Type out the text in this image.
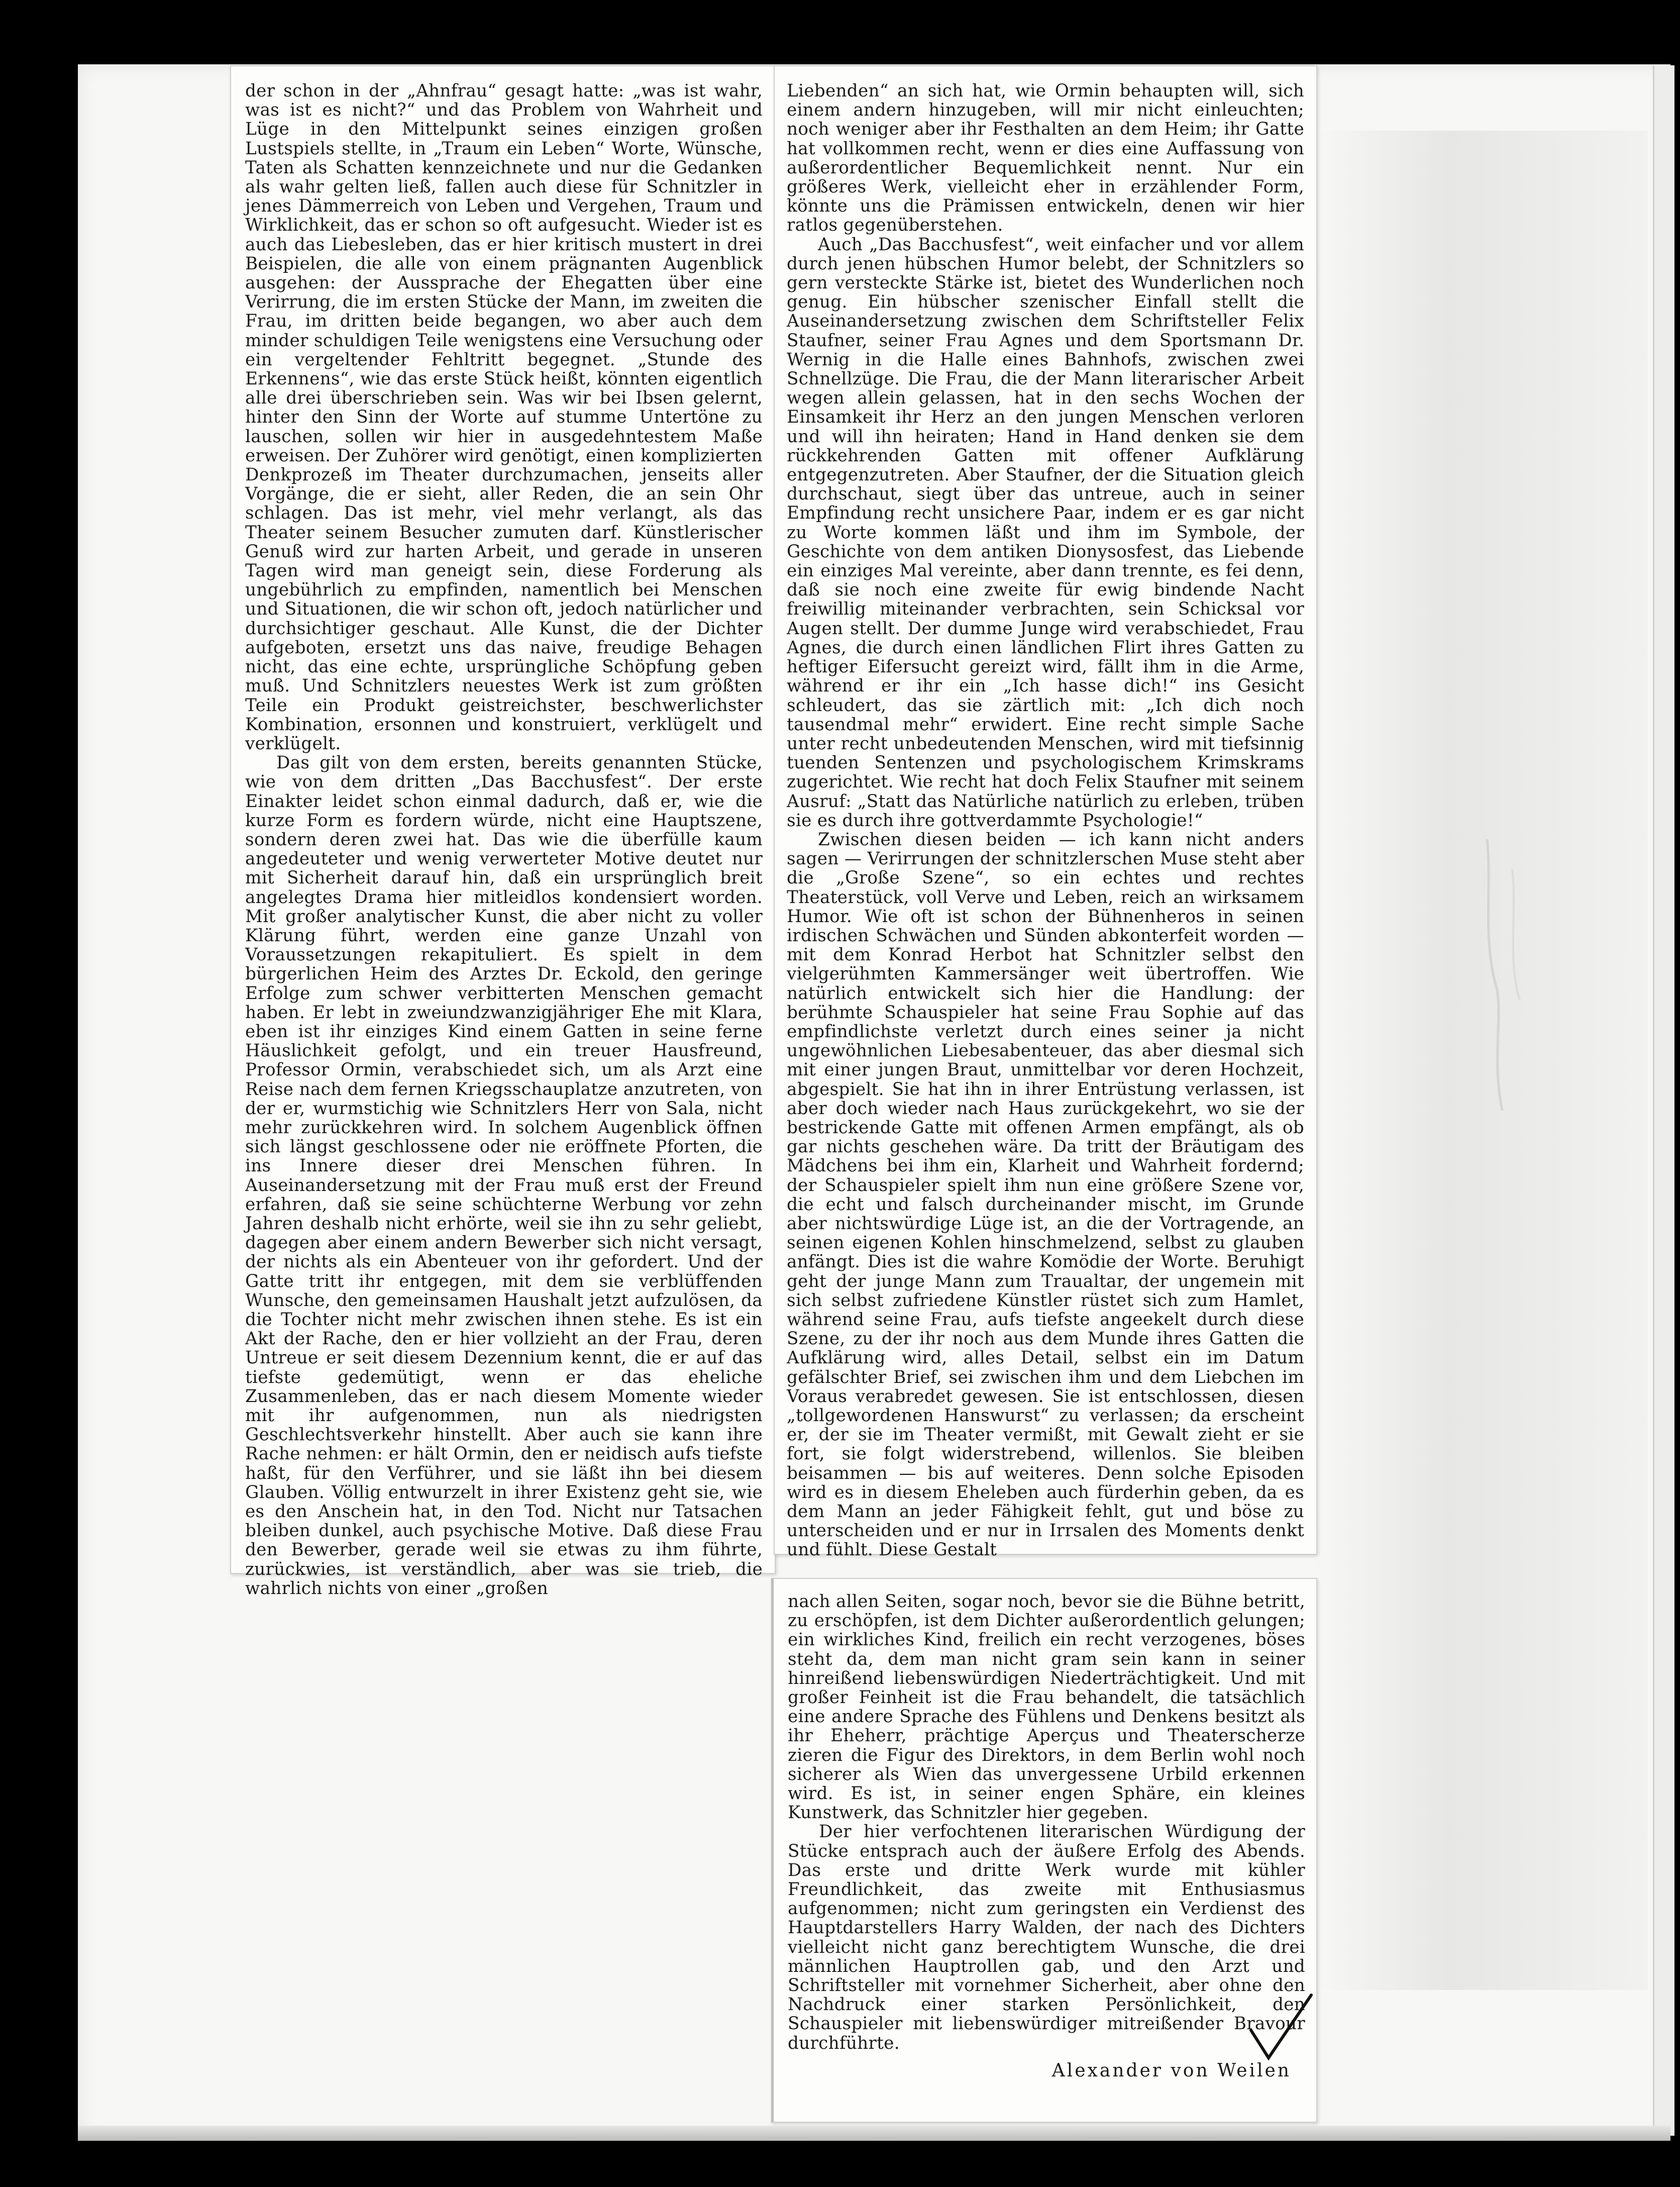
der schon in der „Ahnfrau“ gesagt hatte: „was ist wahr, was ist es nicht?“ und das Problem von Wahrheit und Lüge in den Mittelpunkt seines einzigen großen Lustspiels stellte, in „Traum ein Leben“ Worte, Wünsche, Taten als Schatten kennzeichnete und nur die Gedanken als wahr gelten ließ, fallen auch diese für Schnitzler in jenes Dämmerreich von Leben und Vergehen, Traum und Wirklichkeit, das er schon so oft aufgesucht. Wieder ist es auch das Liebesleben, das er hier kritisch mustert in drei Beispielen, die alle von einem prägnanten Augenblick ausgehen: der Aussprache der Ehegatten über eine Verirrung, die im ersten Stücke der Mann, im zweiten die Frau, im dritten beide begangen, wo aber auch dem minder schuldigen Teile wenigstens eine Versuchung oder ein vergeltender Fehltritt begegnet. „Stunde des Erkennens“, wie das erste Stück heißt, könnten eigentlich alle drei überschrieben sein. Was wir bei Ibsen gelernt, hinter den Sinn der Worte auf stumme Untertöne zu lauschen, sollen wir hier in ausgedehntestem Maße erweisen. Der Zuhörer wird genötigt, einen komplizierten Denkprozeß im Theater durchzumachen, jenseits aller Vorgänge, die er sieht, aller Reden, die an sein Ohr schlagen. Das ist mehr, viel mehr verlangt, als das Theater seinem Besucher zumuten darf. Künstlerischer Genuß wird zur harten Arbeit, und gerade in unseren Tagen wird man geneigt sein, diese Forderung als ungebührlich zu empfinden, namentlich bei Menschen und Situationen, die wir schon oft, jedoch natürlicher und durchsichtiger geschaut. Alle Kunst, die der Dichter aufgeboten, ersetzt uns das naive, freudige Behagen nicht, das eine echte, ursprüngliche Schöpfung geben muß. Und Schnitzlers neuestes Werk ist zum größten Teile ein Produkt geistreichster, beschwerlichster Kombination, ersonnen und konstruiert, verklügelt und verklügelt.

Das gilt von dem ersten, bereits genannten Stücke, wie von dem dritten „Das Bacchusfest“. Der erste Einakter leidet schon einmal dadurch, daß er, wie die kurze Form es fordern würde, nicht eine Hauptszene, sondern deren zwei hat. Das wie die überfülle kaum angedeuteter und wenig verwerteter Motive deutet nur mit Sicherheit darauf hin, daß ein ursprünglich breit angelegtes Drama hier mitleidlos kondensiert worden. Mit großer analytischer Kunst, die aber nicht zu voller Klärung führt, werden eine ganze Unzahl von Voraussetzungen rekapituliert. Es spielt in dem bürgerlichen Heim des Arztes Dr. Eckold, den geringe Erfolge zum schwer verbitterten Menschen gemacht haben. Er lebt in zweiundzwanzigjähriger Ehe mit Klara, eben ist ihr einziges Kind einem Gatten in seine ferne Häuslichkeit gefolgt, und ein treuer Hausfreund, Professor Ormin, verabschiedet sich, um als Arzt eine Reise nach dem fernen Kriegsschauplatze anzutreten, von der er, wurmstichig wie Schnitzlers Herr von Sala, nicht mehr zurückkehren wird. In solchem Augenblick öffnen sich längst geschlossene oder nie eröffnete Pforten, die ins Innere dieser drei Menschen führen. In Auseinandersetzung mit der Frau muß erst der Freund erfahren, daß sie seine schüchterne Werbung vor zehn Jahren deshalb nicht erhörte, weil sie ihn zu sehr geliebt, dagegen aber einem andern Bewerber sich nicht versagt, der nichts als ein Abenteuer von ihr gefordert. Und der Gatte tritt ihr entgegen, mit dem sie verblüffenden Wunsche, den gemeinsamen Haushalt jetzt aufzulösen, da die Tochter nicht mehr zwischen ihnen stehe. Es ist ein Akt der Rache, den er hier vollzieht an der Frau, deren Untreue er seit diesem Dezennium kennt, die er auf das tiefste gedemütigt, wenn er das eheliche Zusammenleben, das er nach diesem Momente wieder mit ihr aufgenommen, nun als niedrigsten Geschlechtsverkehr hinstellt. Aber auch sie kann ihre Rache nehmen: er hält Ormin, den er neidisch aufs tiefste haßt, für den Verführer, und sie läßt ihn bei diesem Glauben. Völlig entwurzelt in ihrer Existenz geht sie, wie es den Anschein hat, in den Tod. Nicht nur Tatsachen bleiben dunkel, auch psychische Motive. Daß diese Frau den Bewerber, gerade weil sie etwas zu ihm führte, zurückwies, ist verständlich, aber was sie trieb, die wahrlich nichts von einer „großen

Liebenden“ an sich hat, wie Ormin behaupten will, sich einem andern hinzugeben, will mir nicht einleuchten; noch weniger aber ihr Festhalten an dem Heim; ihr Gatte hat vollkommen recht, wenn er dies eine Auffassung von außerordentlicher Bequemlichkeit nennt. Nur ein größeres Werk, vielleicht eher in erzählender Form, könnte uns die Prämissen entwickeln, denen wir hier ratlos gegenüberstehen.

Auch „Das Bacchusfest“, weit einfacher und vor allem durch jenen hübschen Humor belebt, der Schnitzlers so gern versteckte Stärke ist, bietet des Wunderlichen noch genug. Ein hübscher szenischer Einfall stellt die Auseinandersetzung zwischen dem Schriftsteller Felix Staufner, seiner Frau Agnes und dem Sportsmann Dr. Wernig in die Halle eines Bahnhofs, zwischen zwei Schnellzüge. Die Frau, die der Mann literarischer Arbeit wegen allein gelassen, hat in den sechs Wochen der Einsamkeit ihr Herz an den jungen Menschen verloren und will ihn heiraten; Hand in Hand denken sie dem rückkehrenden Gatten mit offener Aufklärung entgegenzutreten. Aber Staufner, der die Situation gleich durchschaut, siegt über das untreue, auch in seiner Empfindung recht unsichere Paar, indem er es gar nicht zu Worte kommen läßt und ihm im Symbole, der Geschichte von dem antiken Dionysosfest, das Liebende ein einziges Mal vereinte, aber dann trennte, es fei denn, daß sie noch eine zweite für ewig bindende Nacht freiwillig miteinander verbrachten, sein Schicksal vor Augen stellt. Der dumme Junge wird verabschiedet, Frau Agnes, die durch einen ländlichen Flirt ihres Gatten zu heftiger Eifersucht gereizt wird, fällt ihm in die Arme, während er ihr ein „Ich hasse dich!“ ins Gesicht schleudert, das sie zärtlich mit: „Ich dich noch tausendmal mehr“ erwidert. Eine recht simple Sache unter recht unbedeutenden Menschen, wird mit tiefsinnig tuenden Sentenzen und psychologischem Krimskrams zugerichtet. Wie recht hat doch Felix Staufner mit seinem Ausruf: „Statt das Natürliche natürlich zu erleben, trüben sie es durch ihre gottverdammte Psychologie!“

Zwischen diesen beiden — ich kann nicht anders sagen — Verirrungen der schnitzlerschen Muse steht aber die „Große Szene“, so ein echtes und rechtes Theaterstück, voll Verve und Leben, reich an wirksamem Humor. Wie oft ist schon der Bühnenheros in seinen irdischen Schwächen und Sünden abkonterfeit worden — mit dem Konrad Herbot hat Schnitzler selbst den vielgerühmten Kammersänger weit übertroffen. Wie natürlich entwickelt sich hier die Handlung: der berühmte Schauspieler hat seine Frau Sophie auf das empfindlichste verletzt durch eines seiner ja nicht ungewöhnlichen Liebesabenteuer, das aber diesmal sich mit einer jungen Braut, unmittelbar vor deren Hochzeit, abgespielt. Sie hat ihn in ihrer Entrüstung verlassen, ist aber doch wieder nach Haus zurückgekehrt, wo sie der bestrickende Gatte mit offenen Armen empfängt, als ob gar nichts geschehen wäre. Da tritt der Bräutigam des Mädchens bei ihm ein, Klarheit und Wahrheit fordernd; der Schauspieler spielt ihm nun eine größere Szene vor, die echt und falsch durcheinander mischt, im Grunde aber nichtswürdige Lüge ist, an die der Vortragende, an seinen eigenen Kohlen hinschmelzend, selbst zu glauben anfängt. Dies ist die wahre Komödie der Worte. Beruhigt geht der junge Mann zum Traualtar, der ungemein mit sich selbst zufriedene Künstler rüstet sich zum Hamlet, während seine Frau, aufs tiefste angeekelt durch diese Szene, zu der ihr noch aus dem Munde ihres Gatten die Aufklärung wird, alles Detail, selbst ein im Datum gefälschter Brief, sei zwischen ihm und dem Liebchen im Voraus verabredet gewesen. Sie ist entschlossen, diesen „tollgewordenen Hanswurst“ zu verlassen; da erscheint er, der sie im Theater vermißt, mit Gewalt zieht er sie fort, sie folgt widerstrebend, willenlos. Sie bleiben beisammen — bis auf weiteres. Denn solche Episoden wird es in diesem Eheleben auch fürderhin geben, da es dem Mann an jeder Fähigkeit fehlt, gut und böse zu unterscheiden und er nur in Irrsalen des Moments denkt und fühlt. Diese Gestalt

nach allen Seiten, sogar noch, bevor sie die Bühne betritt, zu erschöpfen, ist dem Dichter außerordentlich gelungen; ein wirkliches Kind, freilich ein recht verzogenes, böses steht da, dem man nicht gram sein kann in seiner hinreißend liebenswürdigen Niederträchtigkeit. Und mit großer Feinheit ist die Frau behandelt, die tatsächlich eine andere Sprache des Fühlens und Denkens besitzt als ihr Eheherr, prächtige Aperçus und Theaterscherze zieren die Figur des Direktors, in dem Berlin wohl noch sicherer als Wien das unvergessene Urbild erkennen wird. Es ist, in seiner engen Sphäre, ein kleines Kunstwerk, das Schnitzler hier gegeben.

Der hier verfochtenen literarischen Würdigung der Stücke entsprach auch der äußere Erfolg des Abends. Das erste und dritte Werk wurde mit kühler Freundlichkeit, das zweite mit Enthusiasmus aufgenommen; nicht zum geringsten ein Verdienst des Hauptdarstellers Harry Walden, der nach des Dichters vielleicht nicht ganz berechtigtem Wunsche, die drei männlichen Hauptrollen gab, und den Arzt und Schriftsteller mit vornehmer Sicherheit, aber ohne den Nachdruck einer starken Persönlichkeit, den Schauspieler mit liebenswürdiger mitreißender Bravour durchführte.

Alexander von Weilen
